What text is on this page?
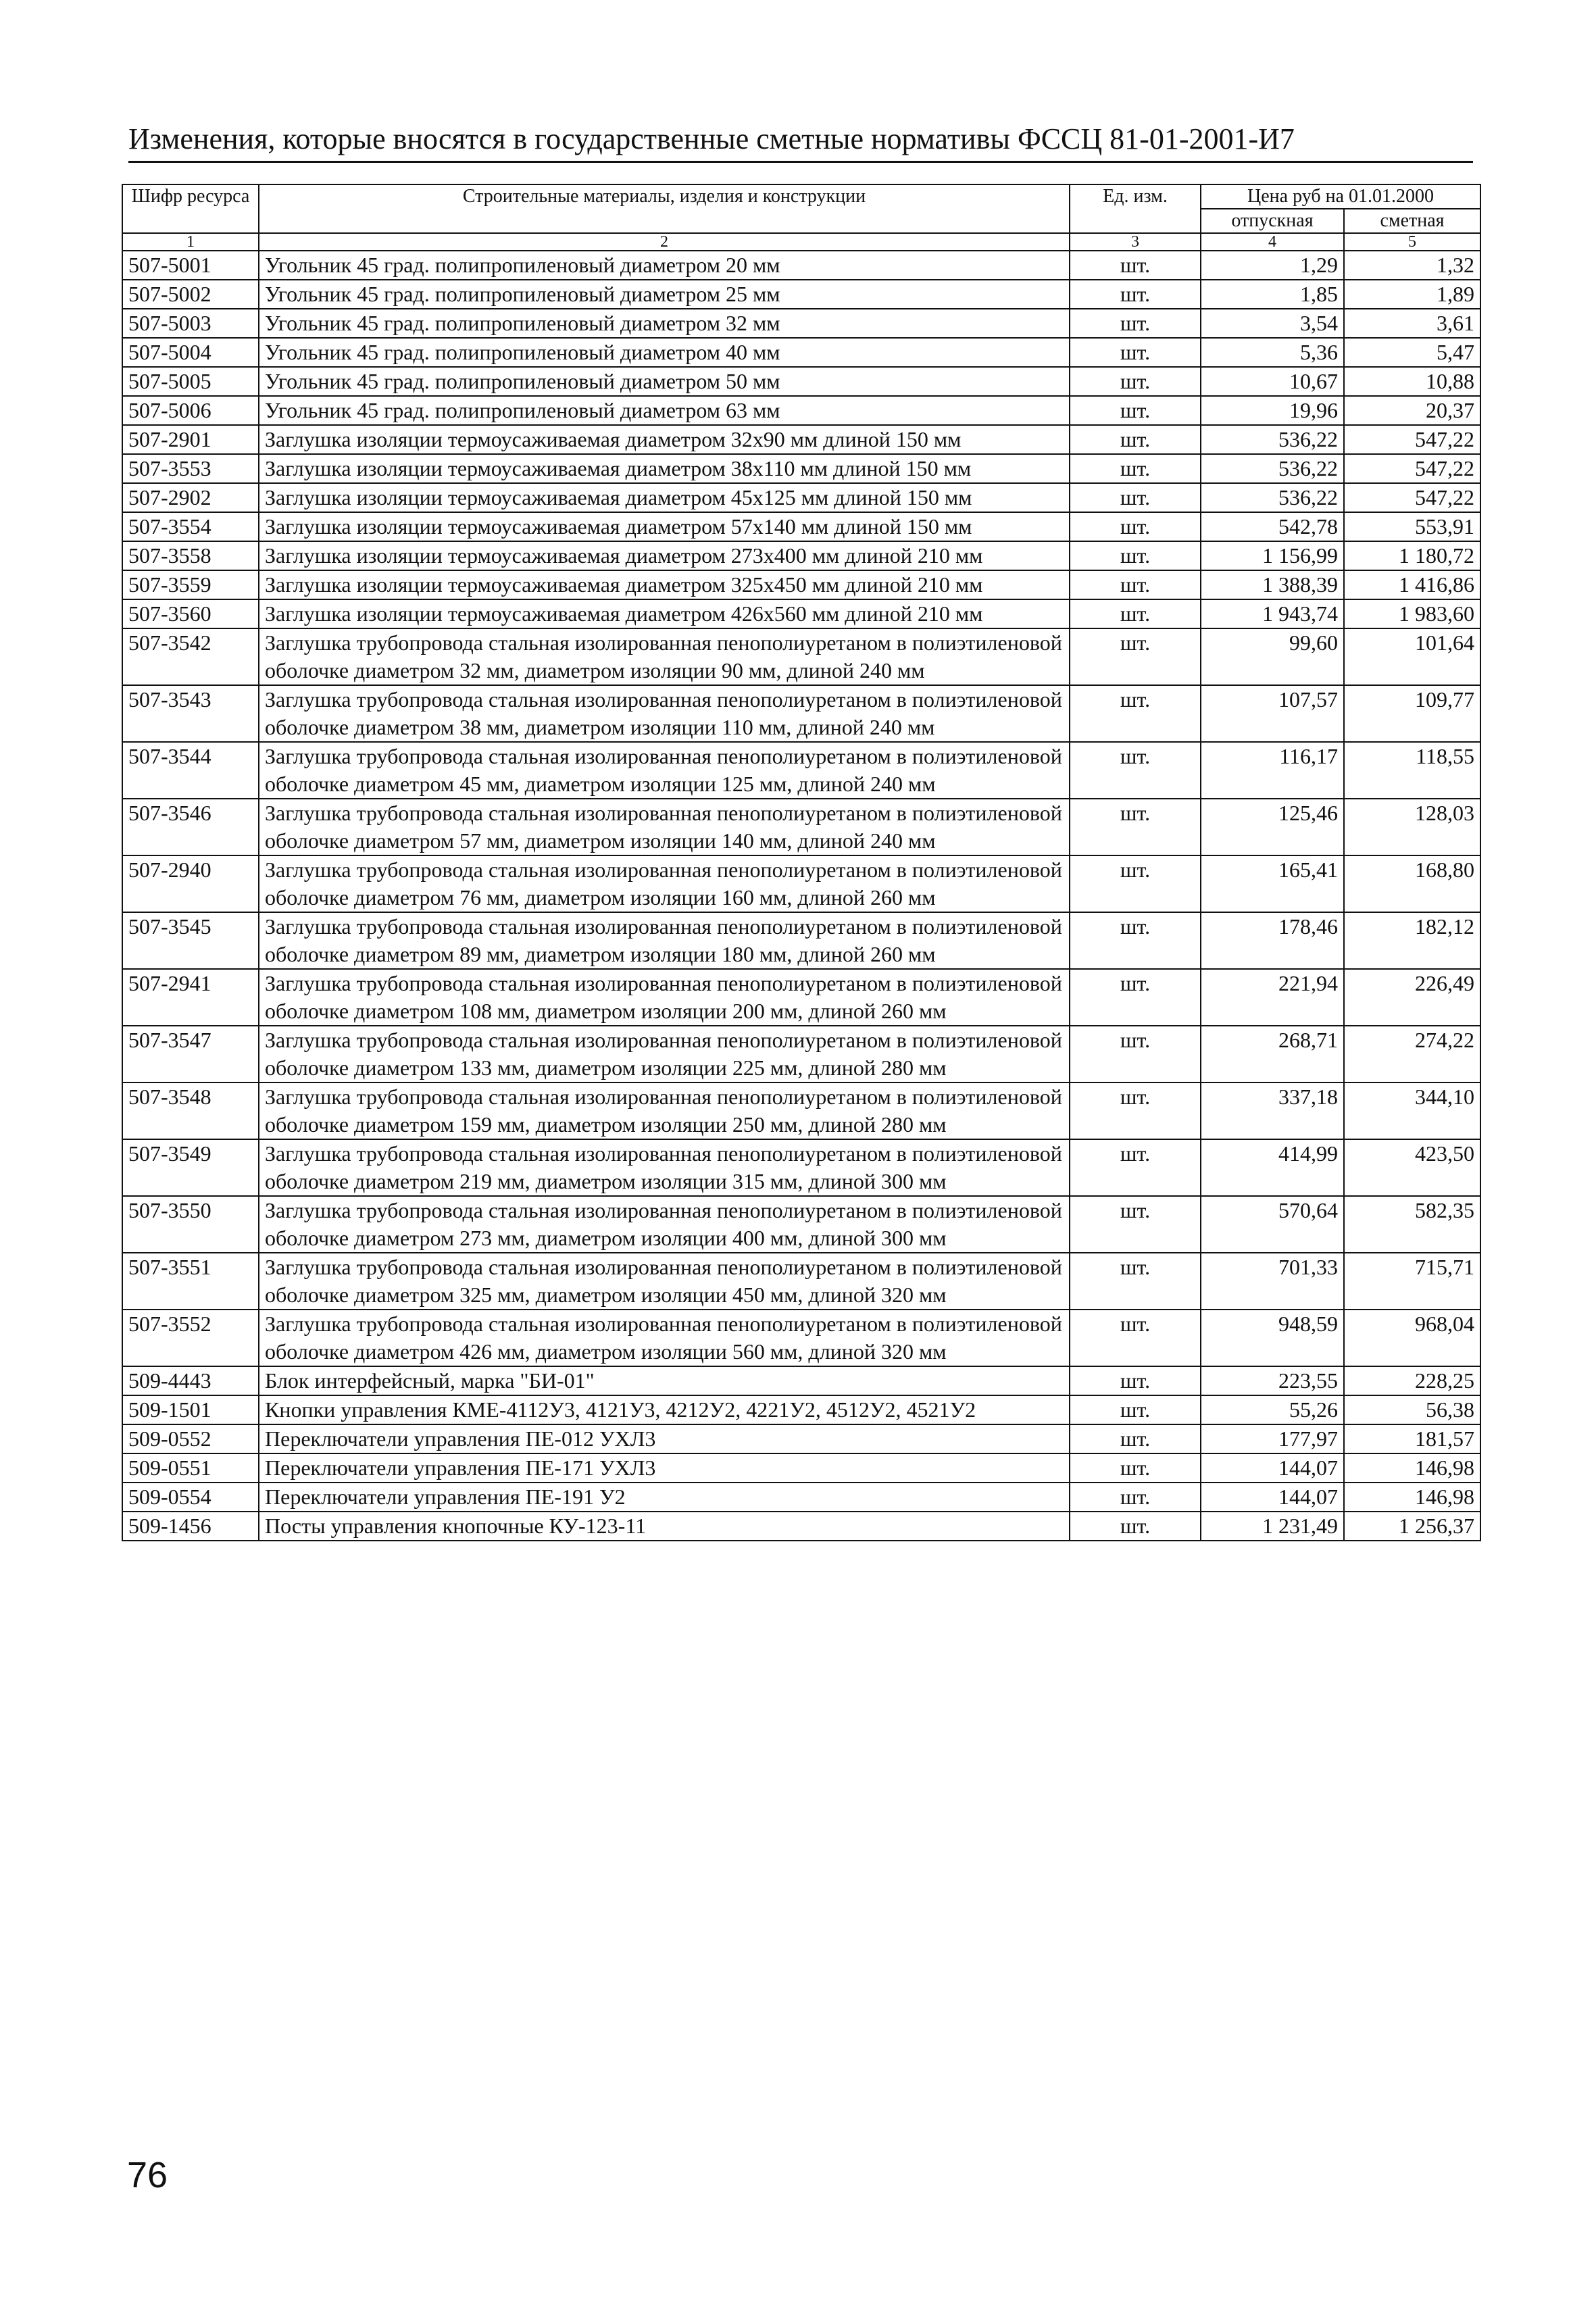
Изменения, которые вносятся в государственные сметные нормативы ФССЦ 81-01-2001-И7
Шифр ресурса	Строительные материалы, изделия и конструкции	Ед. изм.	Цена руб на 01.01.2000	
			отпускная	сметная
1	2	3	4	5
507-5001	Угольник 45 град. полипропиленовый диаметром 20 мм	шт.	1,29	1,32
507-5002	Угольник 45 град. полипропиленовый диаметром 25 мм	шт.	1,85	1,89
507-5003	Угольник 45 град. полипропиленовый диаметром 32 мм	шт.	3,54	3,61
507-5004	Угольник 45 град. полипропиленовый диаметром 40 мм	шт.	5,36	5,47
507-5005	Угольник 45 град. полипропиленовый диаметром 50 мм	шт.	10,67	10,88
507-5006	Угольник 45 град. полипропиленовый диаметром 63 мм	шт.	19,96	20,37
507-2901	Заглушка изоляции термоусаживаемая диаметром 32x90 мм длиной 150 мм	шт.	536,22	547,22
507-3553	Заглушка изоляции термоусаживаемая диаметром 38x110 мм длиной 150 мм	шт.	536,22	547,22
507-2902	Заглушка изоляции термоусаживаемая диаметром 45x125 мм длиной 150 мм	шт.	536,22	547,22
507-3554	Заглушка изоляции термоусаживаемая диаметром 57x140 мм длиной 150 мм	шт.	542,78	553,91
507-3558	Заглушка изоляции термоусаживаемая диаметром 273x400 мм длиной 210 мм	шт.	1 156,99	1 180,72
507-3559	Заглушка изоляции термоусаживаемая диаметром 325x450 мм длиной 210 мм	шт.	1 388,39	1 416,86
507-3560	Заглушка изоляции термоусаживаемая диаметром 426x560 мм длиной 210 мм	шт.	1 943,74	1 983,60
507-3542	Заглушка трубопровода стальная изолированная пенополиуретаном в полиэтиленовой оболочке диаметром 32 мм, диаметром изоляции 90 мм, длиной 240 мм	шт.	99,60	101,64
507-3543	Заглушка трубопровода стальная изолированная пенополиуретаном в полиэтиленовой оболочке диаметром 38 мм, диаметром изоляции 110 мм, длиной 240 мм	шт.	107,57	109,77
507-3544	Заглушка трубопровода стальная изолированная пенополиуретаном в полиэтиленовой оболочке диаметром 45 мм, диаметром изоляции 125 мм, длиной 240 мм	шт.	116,17	118,55
507-3546	Заглушка трубопровода стальная изолированная пенополиуретаном в полиэтиленовой оболочке диаметром 57 мм, диаметром изоляции 140 мм, длиной 240 мм	шт.	125,46	128,03
507-2940	Заглушка трубопровода стальная изолированная пенополиуретаном в полиэтиленовой оболочке диаметром 76 мм, диаметром изоляции 160 мм, длиной 260 мм	шт.	165,41	168,80
507-3545	Заглушка трубопровода стальная изолированная пенополиуретаном в полиэтиленовой оболочке диаметром 89 мм, диаметром изоляции 180 мм, длиной 260 мм	шт.	178,46	182,12
507-2941	Заглушка трубопровода стальная изолированная пенополиуретаном в полиэтиленовой оболочке диаметром 108 мм, диаметром изоляции 200 мм, длиной 260 мм	шт.	221,94	226,49
507-3547	Заглушка трубопровода стальная изолированная пенополиуретаном в полиэтиленовой оболочке диаметром 133 мм, диаметром изоляции 225 мм, длиной 280 мм	шт.	268,71	274,22
507-3548	Заглушка трубопровода стальная изолированная пенополиуретаном в полиэтиленовой оболочке диаметром 159 мм, диаметром изоляции 250 мм, длиной 280 мм	шт.	337,18	344,10
507-3549	Заглушка трубопровода стальная изолированная пенополиуретаном в полиэтиленовой оболочке диаметром 219 мм, диаметром изоляции 315 мм, длиной 300 мм	шт.	414,99	423,50
507-3550	Заглушка трубопровода стальная изолированная пенополиуретаном в полиэтиленовой оболочке диаметром 273 мм, диаметром изоляции 400 мм, длиной 300 мм	шт.	570,64	582,35
507-3551	Заглушка трубопровода стальная изолированная пенополиуретаном в полиэтиленовой оболочке диаметром 325 мм, диаметром изоляции 450 мм, длиной 320 мм	шт.	701,33	715,71
507-3552	Заглушка трубопровода стальная изолированная пенополиуретаном в полиэтиленовой оболочке диаметром 426 мм, диаметром изоляции 560 мм, длиной 320 мм	шт.	948,59	968,04
509-4443	Блок интерфейсный, марка "БИ-01"	шт.	223,55	228,25
509-1501	Кнопки управления КМЕ-4112У3, 4121У3, 4212У2, 4221У2, 4512У2, 4521У2	шт.	55,26	56,38
509-0552	Переключатели управления ПЕ-012 УХЛ3	шт.	177,97	181,57
509-0551	Переключатели управления ПЕ-171 УХЛ3	шт.	144,07	146,98
509-0554	Переключатели управления ПЕ-191 У2	шт.	144,07	146,98
509-1456	Посты управления кнопочные КУ-123-11	шт.	1 231,49	1 256,37
76
